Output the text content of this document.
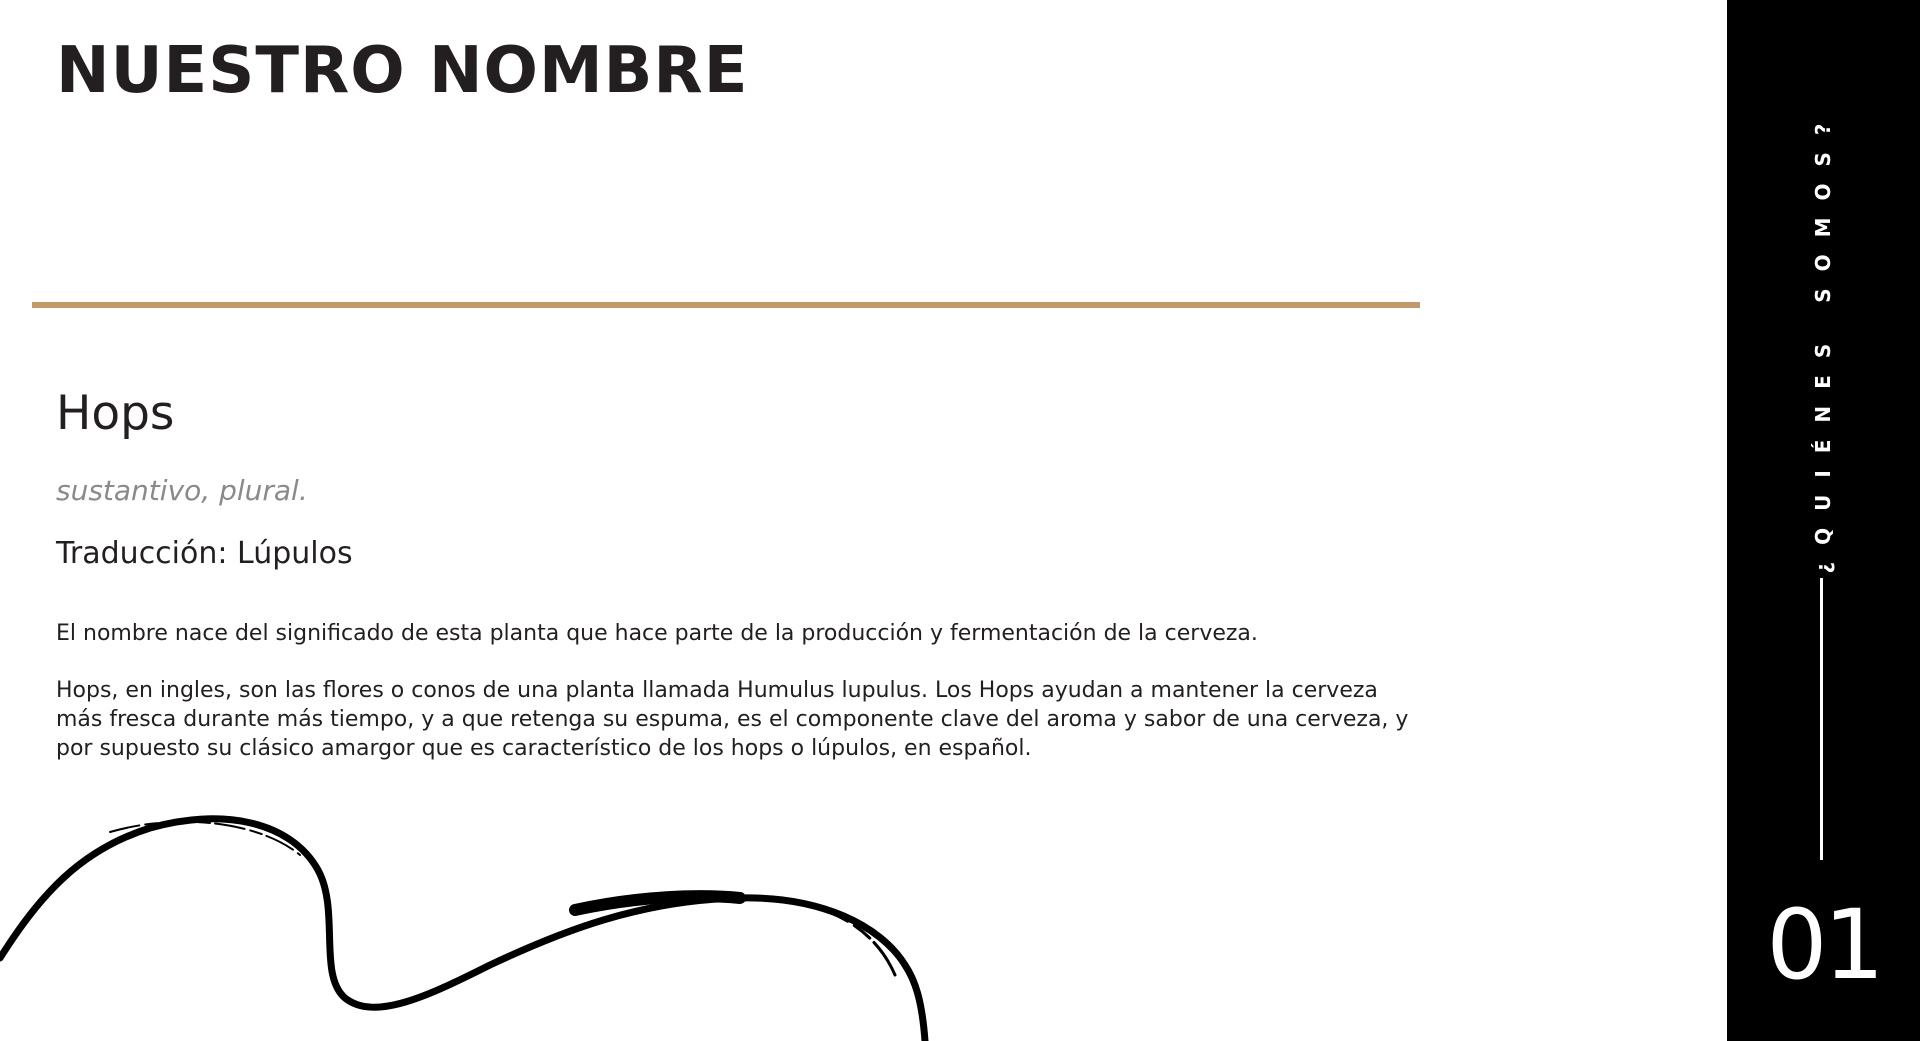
NUESTRO NOMBRE
Hops

sustantivo, plural.

Traducción: Lúpulos

El nombre nace del significado de esta planta que hace parte de la producción y fermentación de la cerveza.

Hops, en ingles, son las flores o conos de una planta llamada Humulus lupulus. Los Hops ayudan a mantener la cerveza más fresca durante más tiempo, y a que retenga su espuma, es el componente clave del aroma y sabor de una cerveza, y por supuesto su clásico amargor que es característico de los hops o lúpulos, en español.

¿QUIÉNES SOMOS?
01
